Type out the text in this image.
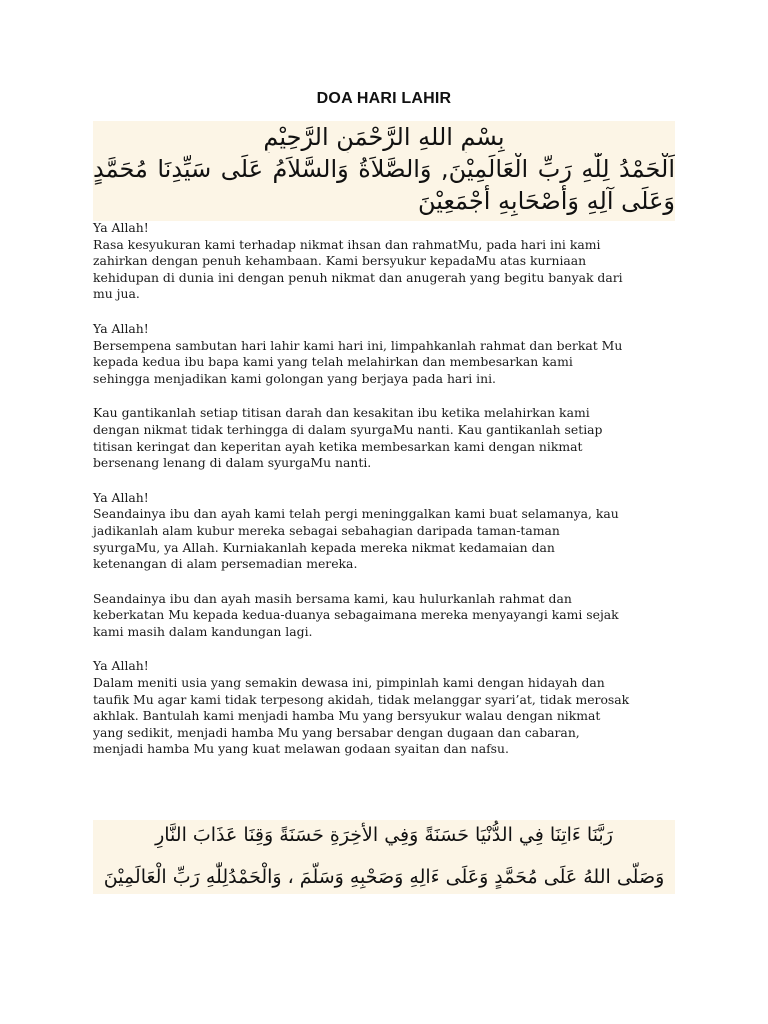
DOA HARI LAHIR
بِسْمِ اللهِ الرَّحْمَنِ الرَّحِيْمِ
اَلْحَمْدُ لِلّٰهِ رَبِّ الْعَالَمِيْنَ, وَالصَّلاَةُ وَالسَّلاَمُ عَلَى سَيِّدِنَا مُحَمَّدٍ
وَعَلَى آلِهِ وَأَصْحَابِهِ أَجْمَعِيْنَ
Ya Allah!
Rasa kesyukuran kami terhadap nikmat ihsan dan rahmatMu, pada hari ini kami
zahirkan dengan penuh kehambaan. Kami bersyukur kepadaMu atas kurniaan
kehidupan di dunia ini dengan penuh nikmat dan anugerah yang begitu banyak dari
mu jua.
Ya Allah!
Bersempena sambutan hari lahir kami hari ini, limpahkanlah rahmat dan berkat Mu
kepada kedua ibu bapa kami yang telah melahirkan dan membesarkan kami
sehingga menjadikan kami golongan yang berjaya pada hari ini.
Kau gantikanlah setiap titisan darah dan kesakitan ibu ketika melahirkan kami
dengan nikmat tidak terhingga di dalam syurgaMu nanti. Kau gantikanlah setiap
titisan keringat dan keperitan ayah ketika membesarkan kami dengan nikmat
bersenang lenang di dalam syurgaMu nanti.
Ya Allah!
Seandainya ibu dan ayah kami telah pergi meninggalkan kami buat selamanya, kau
jadikanlah alam kubur mereka sebagai sebahagian daripada taman-taman
syurgaMu, ya Allah. Kurniakanlah kepada mereka nikmat kedamaian dan
ketenangan di alam persemadian mereka.
Seandainya ibu dan ayah masih bersama kami, kau hulurkanlah rahmat dan
keberkatan Mu kepada kedua-duanya sebagaimana mereka menyayangi kami sejak
kami masih dalam kandungan lagi.
Ya Allah!
Dalam meniti usia yang semakin dewasa ini, pimpinlah kami dengan hidayah dan
taufik Mu agar kami tidak terpesong akidah, tidak melanggar syari’at, tidak merosak
akhlak. Bantulah kami menjadi hamba Mu yang bersyukur walau dengan nikmat
yang sedikit, menjadi hamba Mu yang bersabar dengan dugaan dan cabaran,
menjadi hamba Mu yang kuat melawan godaan syaitan dan nafsu.
رَبَّنَا ءَاتِنَا فِي الدُّنْيَا حَسَنَةً وَفِي الأخِرَةِ حَسَنَةً وَقِنَا عَذَابَ النَّارِ
وَصَلَّى اللهُ عَلَى مُحَمَّدٍ وَعَلَى ءَالِهِ وَصَحْبِهِ وَسَلَّمَ ، وَالْحَمْدُلِلّٰهِ رَبِّ الْعَالَمِيْنَ
